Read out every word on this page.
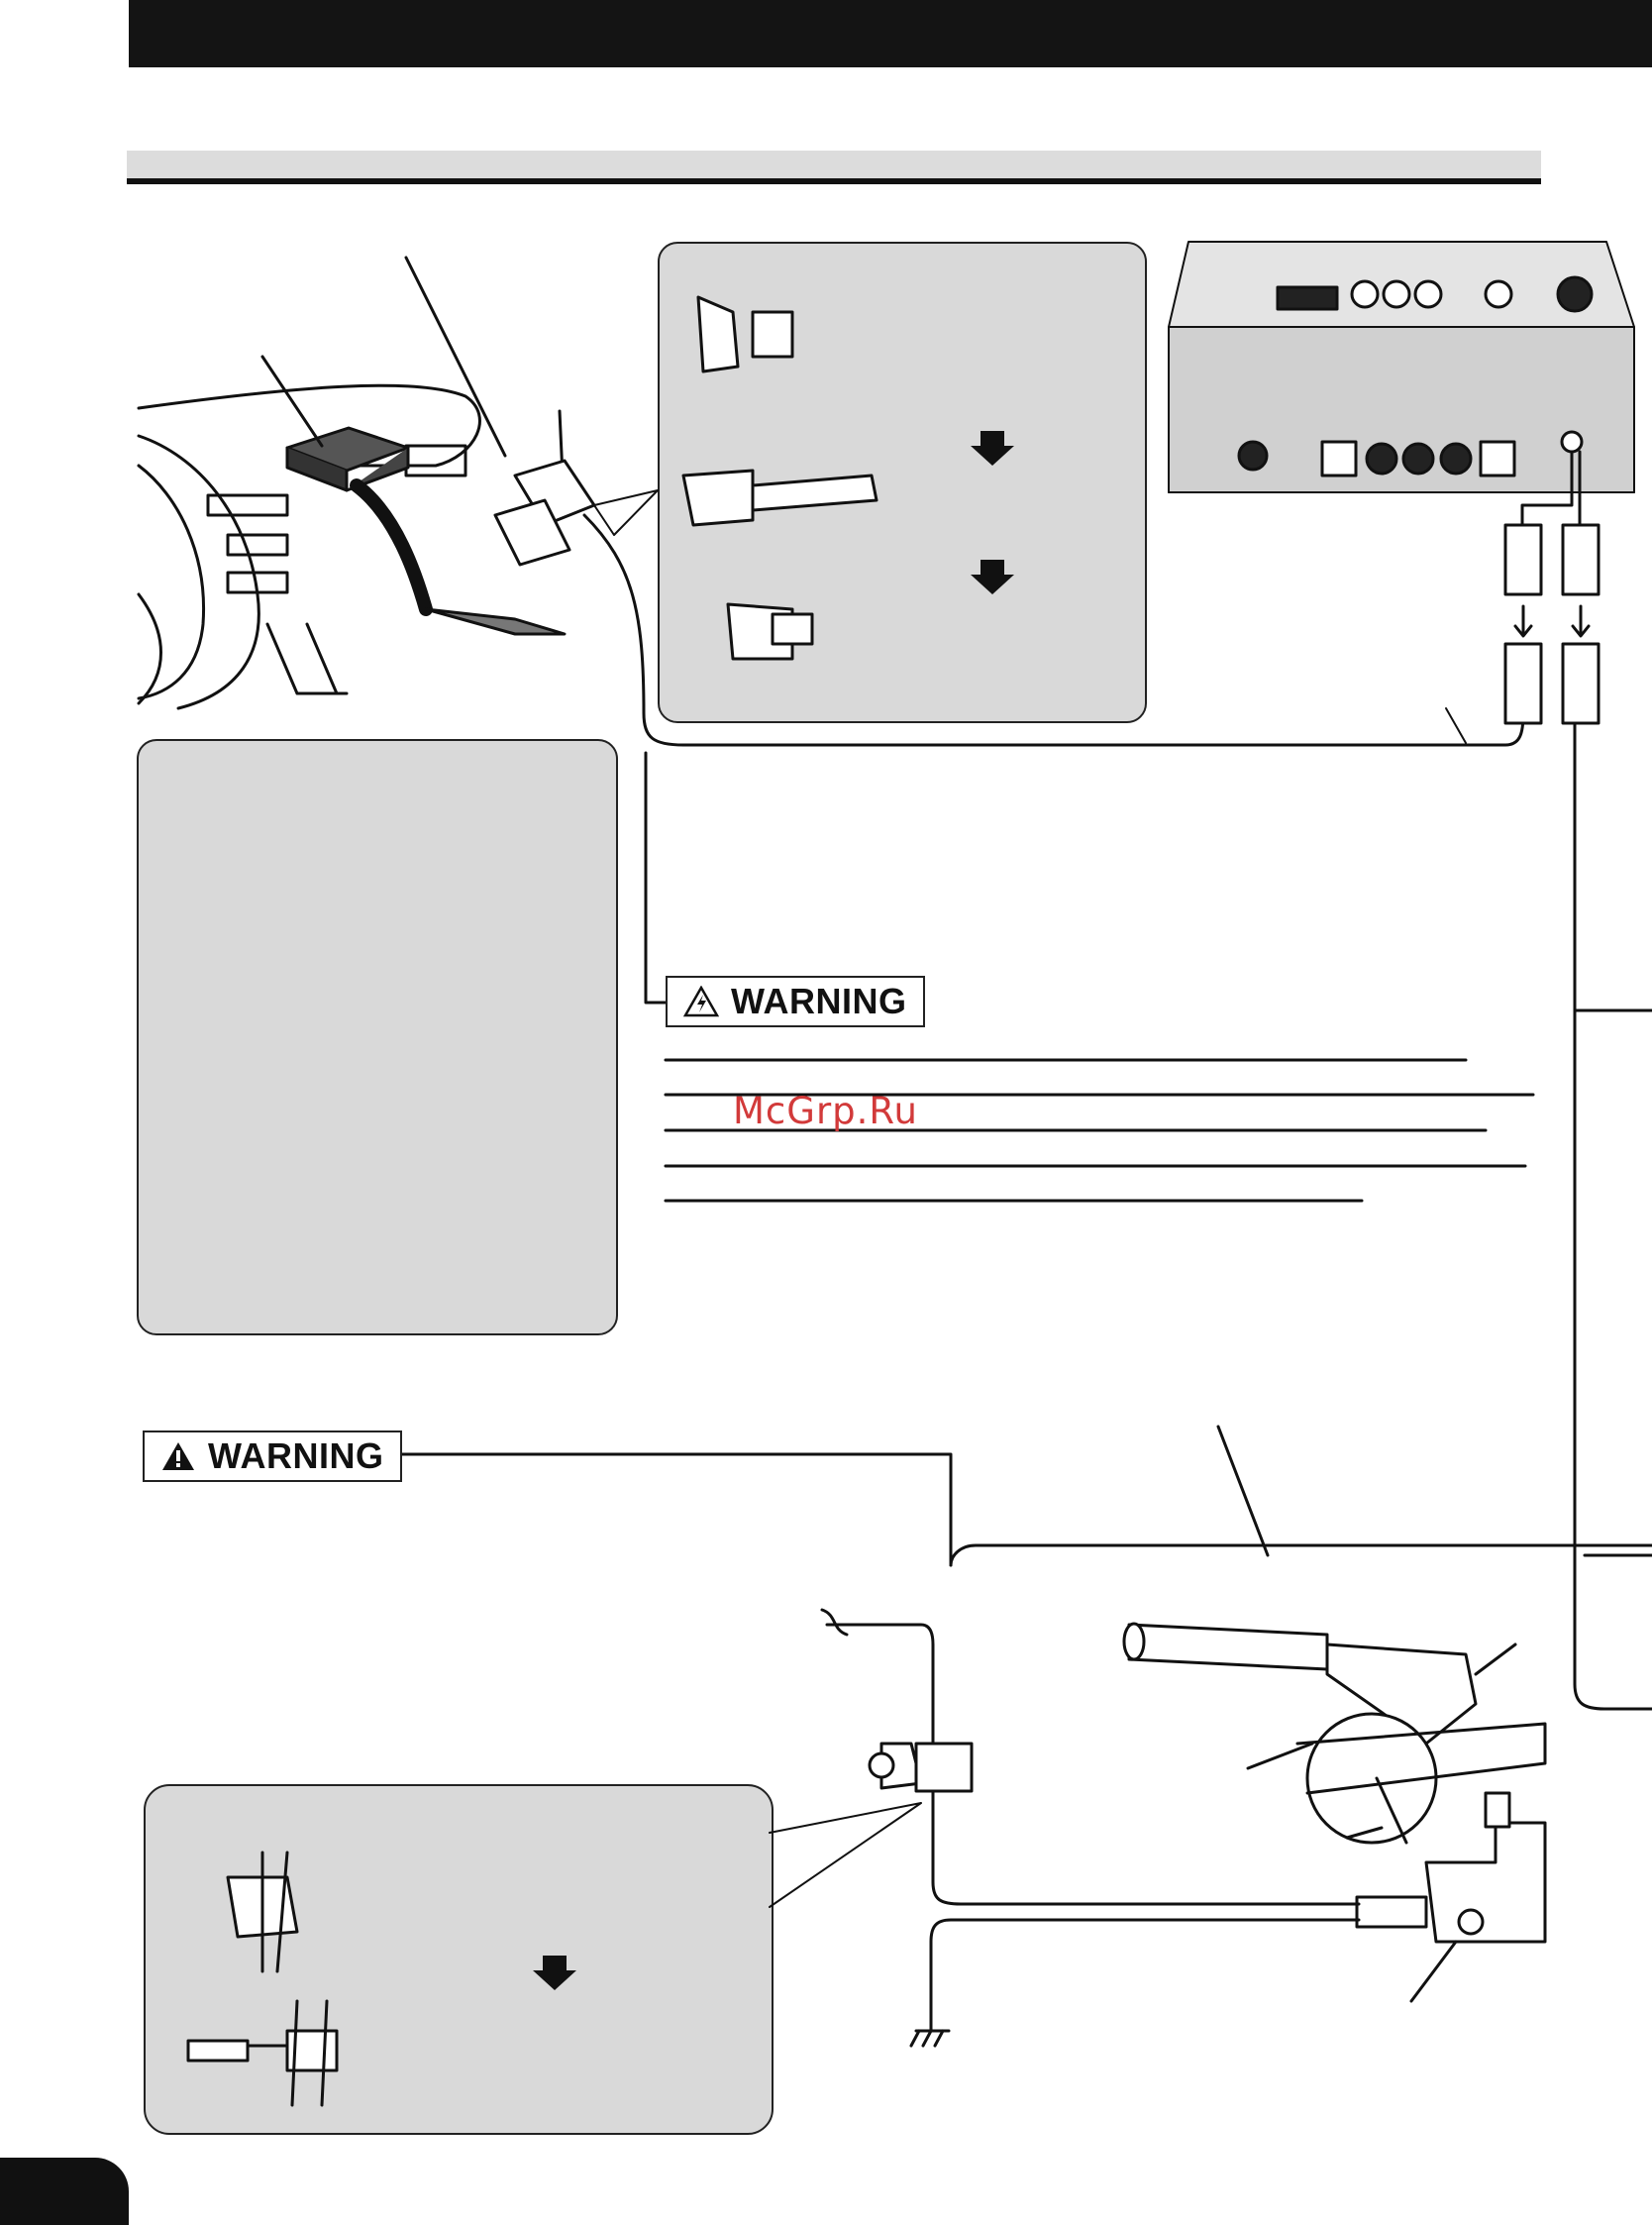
WARNING
WARNING
McGrp.Ru
